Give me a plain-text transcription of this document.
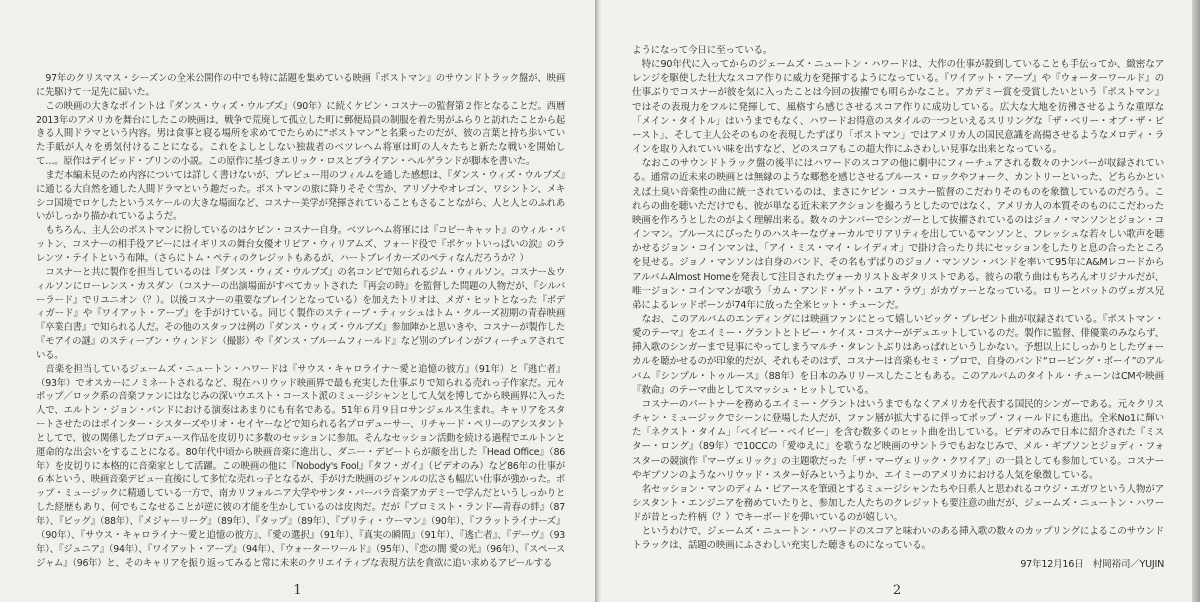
97年のクリスマス・シーズンの全米公開作の中でも特に話題を集めている映画『ポストマン』のサウンドトラック盤が、映画に先駆けて一足先に届いた。

この映画の大きなポイントは『ダンス・ウィズ・ウルブズ』（90年）に続くケビン・コスナーの監督第２作となることだ。西暦2013年のアメリカを舞台にしたこの映画は、戦争で荒廃して孤立した町に郵便局員の制服を着た男がふらりと訪れたことから起きる人間ドラマという内容。男は食事と寝る場所を求めてでたらめに“ポストマン”と名乗ったのだが、彼の言葉と持ち歩いていた手紙が人々を勇気付けることになる。これをよしとしない独裁者のベツレヘム将軍は町の人々たちと新たな戦いを開始して…。原作はデイビッド・ブリンの小説。この原作に基づきエリック・ロスとブライアン・ヘルゲランドが脚本を書いた。

まだ本編未見のため内容については詳しく書けないが、プレビュー用のフィルムを通した感想は、『ダンス・ウィズ・ウルブズ』に通じる大自然を通した人間ドラマという趣だった。ポストマンの旅に降りそそぐ雪か、アリゾナやオレゴン、ワシントン、メキシコ国境でロケしたというスケールの大きな場面など、コスナー美学が発揮されていることもさることながら、人と人とのふれあいがしっかり描かれているようだ。

もちろん、主人公のポストマンに扮しているのはケビン・コスナー自身。ベツレヘム将軍には『コピーキャット』のウィル・パットン、コスナーの相手役アビーにはイギリスの舞台女優オリビア・ウィリアムズ、フォード役で『ポケットいっぱいの涙』のラレンツ・テイトという布陣。（さらにトム・ペティのクレジットもあるが、ハートブレイカーズのペティなんだろうか？）

コスナーと共に製作を担当しているのは『ダンス・ウィズ・ウルブズ』の名コンビで知られるジム・ウィルソン。コスナー＆ウィルソンにローレンス・カスダン（コスナーの出演場面がすべてカットされた『再会の時』を監督した問題の人物だが、『シルバーラード』でリユニオン（？）。以後コスナーの重要なブレインとなっている）を加えたトリオは、メガ・ヒットとなった『ボディガード』や『ワイアット・アープ』を手がけている。同じく製作のスティーブ・ティッシュはトム・クルーズ初期の青春映画『卒業白書』で知られる人だ。その他のスタッフは例の『ダンス・ウィズ・ウルブズ』参加陣かと思いきや、コスナーが製作した『モアイの謎』のスティーブン・ウィンドン（撮影）や『ダンス・ブルームフィールド』など別のブレインがフィーチュアされている。

音楽を担当しているジェームズ・ニュートン・ハワードは『サウス・キャロライナ〜愛と追憶の彼方』（91年）と『逃亡者』（93年）でオスカーにノミネートされるなど、現在ハリウッド映画界で最も充実した仕事ぶりで知られる売れっ子作家だ。元々ポップ／ロック系の音楽ファンにはなじみの深いウエスト・コースト派のミュージシャンとして人気を博してから映画界に入った人で、エルトン・ジョン・バンドにおける演奏はあまりにも有名である。51年６月９日ロサンジェルス生まれ。キャリアをスタートさせたのはポインター・シスターズやリオ・セイヤーなどで知られる名プロデューサー、リチャード・ペリーのアシスタントとしてで、彼の関係したプロデュース作品を皮切りに多数のセッションに参加。そんなセッション活動を続ける過程でエルトンと運命的な出会いをすることになる。80年代中頃から映画音楽に進出し、ダニー・デビートらが顔を出した『Head Office』（86年）を皮切りに本格的に音楽家として活躍。この映画の他に『Nobody's Fool』『タフ・ガイ』（ビデオのみ）など86年の仕事が６本という、映画音楽デビュー直後にして多忙な売れっ子となるが、手がけた映画のジャンルの広さも幅広い仕事が強かった。ポップ・ミュージックに精通している一方で、南カリフォルニア大学やサンタ・バーバラ音楽アカデミーで学んだというしっかりとした経歴もあり、何でもこなせることが逆に彼の才能を生かしているのは皮肉だ。だが『プロミスト・ランド―青春の絆』（87年）、『ビッグ』（88年）、『メジャーリーグ』（89年）、『タップ』（89年）、『プリティ・ウーマン』（90年）、『フラットライナーズ』（90年）、『サウス・キャロライナ〜愛と追憶の彼方』、『愛の選択』（91年）、『真実の瞬間』（91年）、『逃亡者』、『デーヴ』（93年）、『ジュニア』（94年）、『ワイアット・アープ』（94年）、『ウォーターワールド』（95年）、『恋の闇 愛の光』（96年）、『スペースジャム』（96年）と、そのキャリアを振り返ってみると常に未来のクリエイティブな表現方法を貪欲に追い求めるアピールする

1

ようになって今日に至っている。

特に90年代に入ってからのジェームズ・ニュートン・ハワードは、大作の仕事が殺到していることも手伝ってか、緻密なアレンジを駆使した壮大なスコア作りに威力を発揮するようになっている。『ワイアット・アープ』や『ウォーターワールド』の仕事ぶりでコスナーが彼を気に入ったことは今回の抜擢でも明らかなこと。アカデミー賞を受賞したいという『ポストマン』ではその表現力をフルに発揮して、風格すら感じさせるスコア作りに成功している。広大な大地を彷彿させるような重厚な「メイン・タイトル」はいうまでもなく、ハワードお得意のスタイルの一つといえるスリリングな「ザ・ベリー・オブ・ザ・ビースト」、そして主人公そのものを表現したずばり「ポストマン」ではアメリカ人の国民意識を高揚させるようなメロディ・ラインを取り入れていい味を出すなど、どのスコアもこの超大作にふさわしい見事な出来となっている。

なおこのサウンドトラック盤の後半にはハワードのスコアの他に劇中にフィーチュアされる数々のナンバーが収録されている。通常の近未来の映画とは無縁のような郷愁を感じさせるブルース・ロックやフォーク、カントリーといった、どちらかといえば土臭い音楽性の曲に統一されているのは、まさにケビン・コスナー監督のこだわりそのものを象徴しているのだろう。これらの曲を聴いただけでも、彼が単なる近未来アクションを撮ろうとしたのではなく、アメリカ人の本質そのものにこだわった映画を作ろうとしたのがよく理解出来る。数々のナンバーでシンガーとして抜擢されているのはジョノ・マンソンとジョン・コインマン。ブルースにぴったりのハスキーなヴォーカルでリアリティを出しているマンソンと、フレッシュな若々しい歌声を聴かせるジョン・コインマンは、「アイ・ミス・マイ・レイディオ」で掛け合ったり共にセッションをしたりと息の合ったところを見せる。ジョノ・マンソンは自身のバンド、その名もずばりのジョノ・マンソン・バンドを率いて95年にA&MレコードからアルバムAlmost Homeを発表して注目されたヴォーカリスト＆ギタリストである。彼らの歌う曲はもちろんオリジナルだが、唯一ジョン・コインマンが歌う「カム・アンド・ゲット・ユア・ラヴ」がカヴァーとなっている。ロリーとパットのヴェガス兄弟によるレッドボーンが74年に放った全米ヒット・チューンだ。

なお、このアルバムのエンディングには映画ファンにとって嬉しいビッグ・プレゼント曲が収録されている。『ポストマン・愛のテーマ』をエイミー・グラントとトビー・ケイス・コスナーがデュエットしているのだ。製作に監督、俳優業のみならず、挿入歌のシンガーまで見事にやってしまうマルチ・タレントぶりはあっぱれというしかない。予想以上にしっかりとしたヴォーカルを聴かせるのが印象的だが、それもそのはず、コスナーは音楽もセミ・プロで、自身のバンド“ローピング・ボーイ”のアルバム『シンプル・トゥルース』（88年）を日本のみリリースしたこともある。このアルバムのタイトル・チューンはCMや映画『救命』のテーマ曲としてスマッシュ・ヒットしている。

コスナーのパートナーを務めるエイミー・グラントはいうまでもなくアメリカを代表する国民的シンガーである。元々クリスチャン・ミュージックでシーンに登場した人だが、ファン層が拡大するに伴ってポップ・フィールドにも進出。全米No1に輝いた「ネクスト・タイム」「ベイビー・ベイビー」を含む数多くのヒット曲を出している。ビデオのみで日本に紹介された『ミスター・ロング』（89年）で10CCの「愛ゆえに」を歌うなど映画のサントラでもおなじみで、メル・ギブソンとジョディ・フォスターの競演作『マーヴェリック』の主題歌だった「ザ・マーヴェリック・クワイア」の一員としても参加している。コスナーやギブソンのようなハリウッド・スター好みというよりか、エイミーのアメリカにおける人気を象徴している。

名セッション・マンのディム・ピアースを筆頭とするミュージシャンたちや日系人と思われるコウジ・エガワという人物がアシスタント・エンジニアを務めていたりと、参加した人たちのクレジットも要注意の曲だが、ジェームズ・ニュートン・ハワードが昔とった杵柄（？）でキーボードを弾いているのが嬉しい。

というわけで、ジェームズ・ニュートン・ハワードのスコアと味わいのある挿入歌の数々のカップリングによるこのサウンドトラックは、話題の映画にふさわしい充実した聴きものになっている。

97年12月16日　村岡裕司／YUJIN

2
